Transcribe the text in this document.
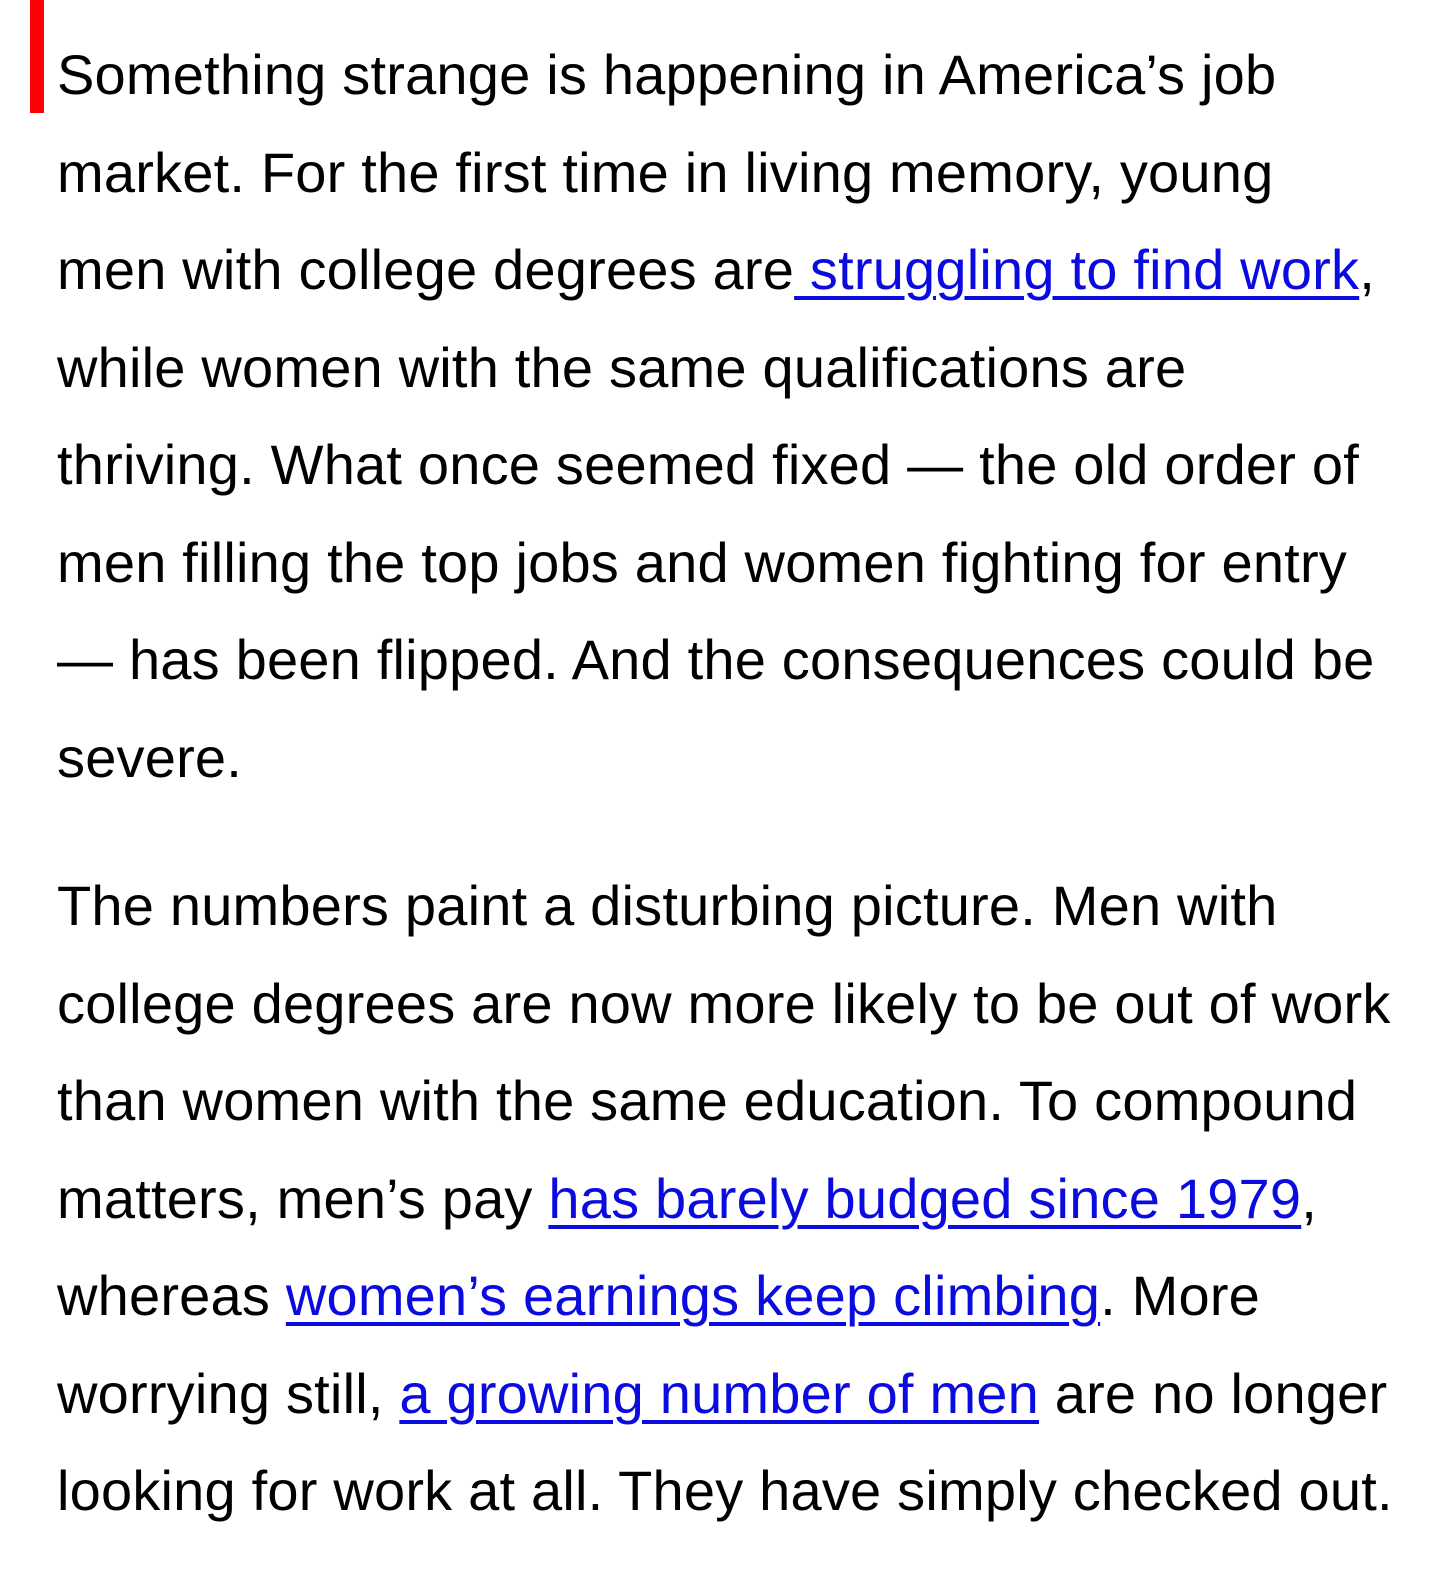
Something strange is happening in America’s job
market. For the first time in living memory, young
men with college degrees are struggling to find work,
while women with the same qualifications are
thriving. What once seemed fixed — the old order of
men filling the top jobs and women fighting for entry
— has been flipped. And the consequences could be
severe.

The numbers paint a disturbing picture. Men with
college degrees are now more likely to be out of work
than women with the same education. To compound
matters, men’s pay has barely budged since 1979,
whereas women’s earnings keep climbing. More
worrying still, a growing number of men are no longer
looking for work at all. They have simply checked out.
